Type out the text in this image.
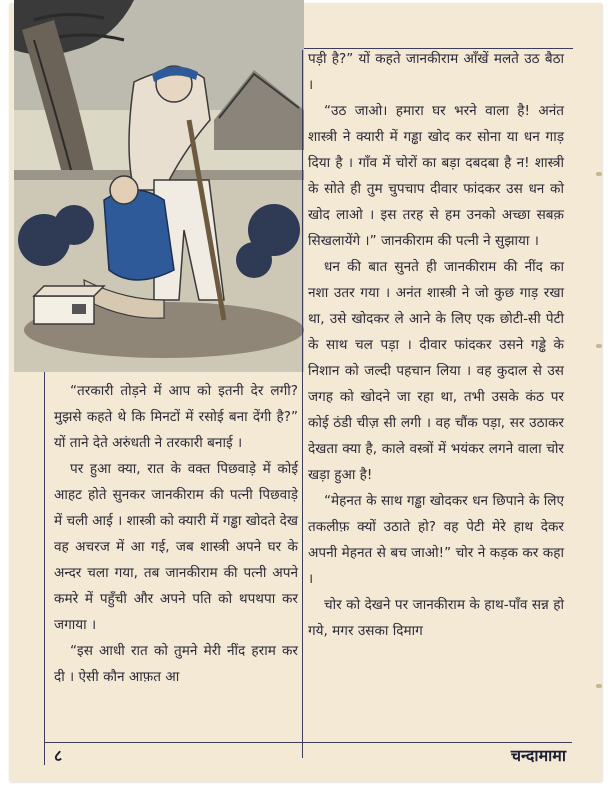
पड़ी है?” यों कहते जानकीराम आँखें मलते उठ बैठा ।

“उठ जाओ। हमारा घर भरने वाला है! अनंत शास्त्री ने क्यारी में गड्ढा खोद कर सोना या धन गाड़ दिया है । गाँव में चोरों का बड़ा दबदबा है न! शास्त्री के सोते ही तुम चुपचाप दीवार फांदकर उस धन को खोद लाओ । इस तरह से हम उनको अच्छा सबक़ सिखलायेंगे ।” जानकीराम की पत्नी ने सुझाया ।

धन की बात सुनते ही जानकीराम की नींद का नशा उतर गया । अनंत शास्त्री ने जो कुछ गाड़ रखा था, उसे खोदकर ले आने के लिए एक छोटी-सी पेटी के साथ चल पड़ा । दीवार फांदकर उसने गड्ढे के निशान को जल्दी पहचान लिया । वह कुदाल से उस जगह को खोदने जा रहा था, तभी उसके कंठ पर कोई ठंडी चीज़ सी लगी । वह चौंक पड़ा, सर उठाकर देखता क्या है, काले वस्त्रों में भयंकर लगने वाला चोर खड़ा हुआ है!

“मेहनत के साथ गड्ढा खोदकर धन छिपाने के लिए तकलीफ़ क्यों उठाते हो? वह पेटी मेरे हाथ देकर अपनी मेहनत से बच जाओ!” चोर ने कड़क कर कहा ।

चोर को देखने पर जानकीराम के हाथ-पाँव सन्न हो गये, मगर उसका दिमाग

“तरकारी तोड़ने में आप को इतनी देर लगी? मुझसे कहते थे कि मिनटों में रसोई बना देंगी है?” यों ताने देते अरुंधती ने तरकारी बनाई ।

पर हुआ क्या, रात के वक्त पिछवाड़े में कोई आहट होते सुनकर जानकीराम की पत्नी पिछवाड़े में चली आई । शास्त्री को क्यारी में गड्ढा खोदते देख वह अचरज में आ गई, जब शास्त्री अपने घर के अन्दर चला गया, तब जानकीराम की पत्नी अपने कमरे में पहुँची और अपने पति को थपथपा कर जगाया ।

“इस आधी रात को तुमने मेरी नींद हराम कर दी । ऐसी कौन आफ़त आ

८	चन्दामामा
